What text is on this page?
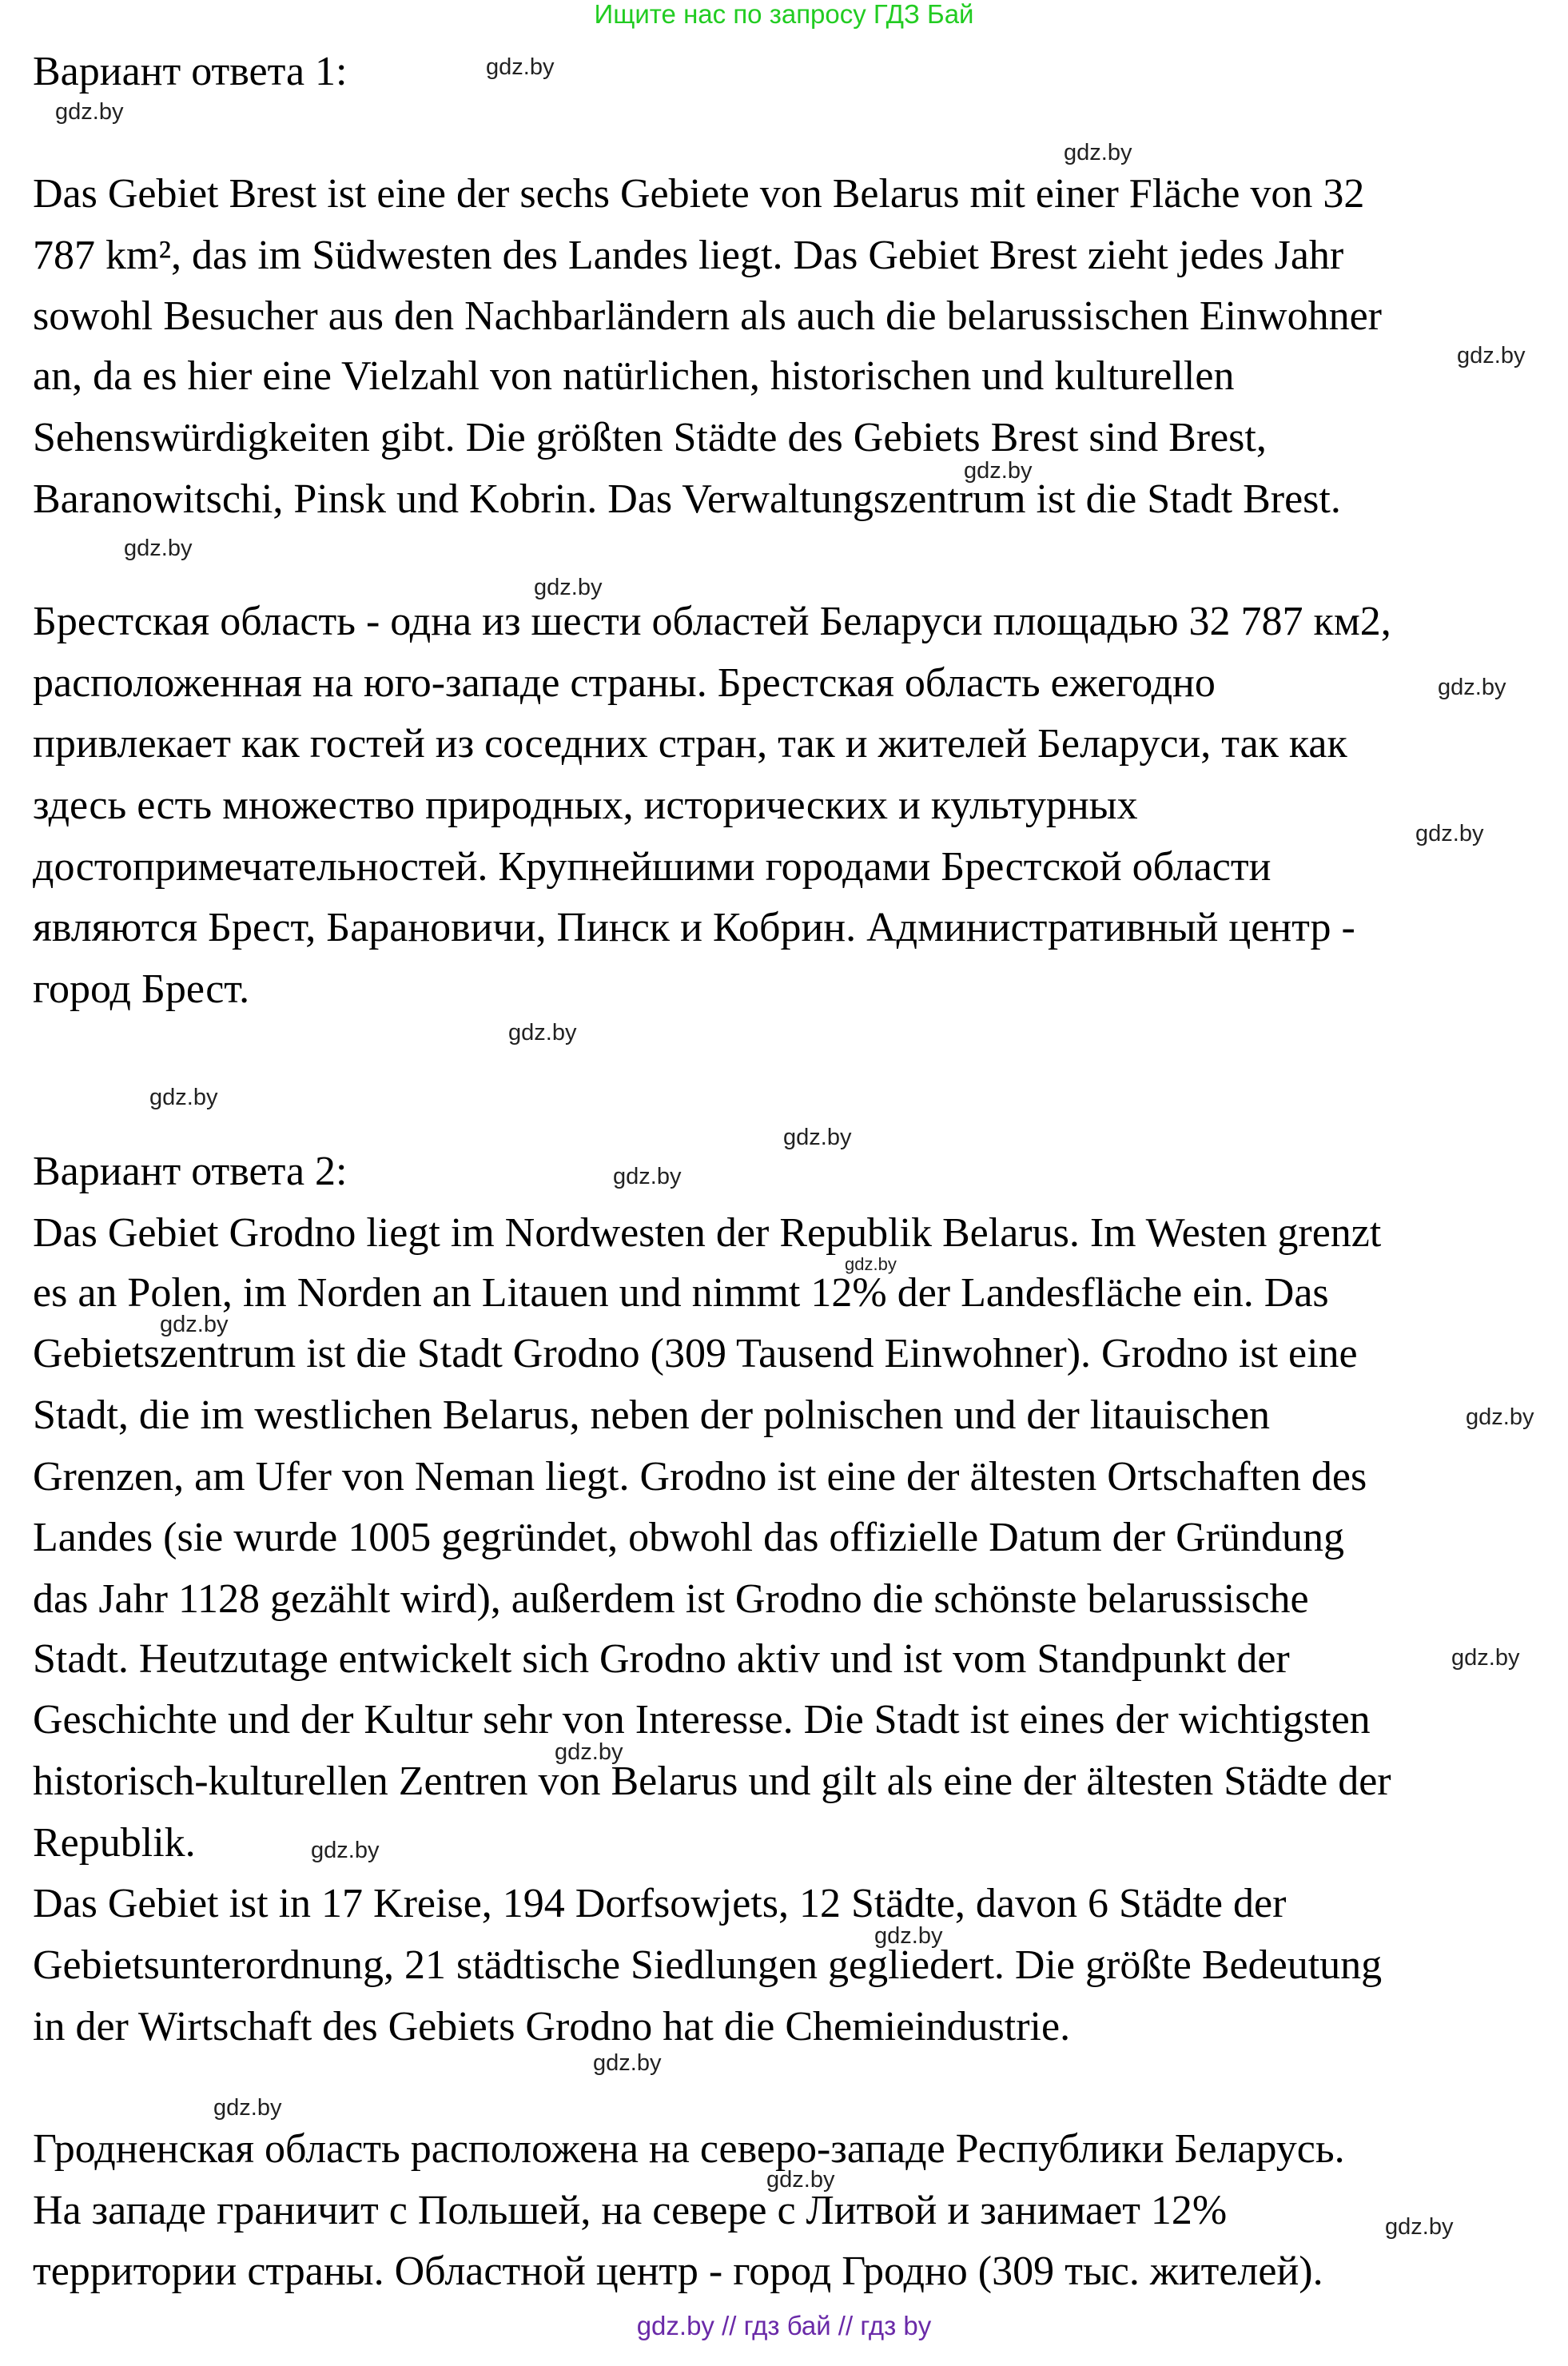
Ищите нас по запросу ГДЗ Бай
Вариант ответа 1:
Das Gebiet Brest ist eine der sechs Gebiete von Belarus mit einer Fläche von 32
787 km², das im Südwesten des Landes liegt. Das Gebiet Brest zieht jedes Jahr
sowohl Besucher aus den Nachbarländern als auch die belarussischen Einwohner
an, da es hier eine Vielzahl von natürlichen, historischen und kulturellen
Sehenswürdigkeiten gibt. Die größten Städte des Gebiets Brest sind Brest,
Baranowitschi, Pinsk und Kobrin. Das Verwaltungszentrum ist die Stadt Brest.
Брестская область - одна из шести областей Беларуси площадью 32 787 км2,
расположенная на юго-западе страны. Брестская область ежегодно
привлекает как гостей из соседних стран, так и жителей Беларуси, так как
здесь есть множество природных, исторических и культурных
достопримечательностей. Крупнейшими городами Брестской области
являются Брест, Барановичи, Пинск и Кобрин. Административный центр -
город Брест.
Вариант ответа 2:
Das Gebiet Grodno liegt im Nordwesten der Republik Belarus. Im Westen grenzt
es an Polen, im Norden an Litauen und nimmt 12% der Landesfläche ein. Das
Gebietszentrum ist die Stadt Grodno (309 Tausend Einwohner). Grodno ist eine
Stadt, die im westlichen Belarus, neben der polnischen und der litauischen
Grenzen, am Ufer von Neman liegt. Grodno ist eine der ältesten Ortschaften des
Landes (sie wurde 1005 gegründet, obwohl das offizielle Datum der Gründung
das Jahr 1128 gezählt wird), außerdem ist Grodno die schönste belarussische
Stadt. Heutzutage entwickelt sich Grodno aktiv und ist vom Standpunkt der
Geschichte und der Kultur sehr von Interesse. Die Stadt ist eines der wichtigsten
historisch-kulturellen Zentren von Belarus und gilt als eine der ältesten Städte der
Republik.
Das Gebiet ist in 17 Kreise, 194 Dorfsowjets, 12 Städte, davon 6 Städte der
Gebietsunterordnung, 21 städtische Siedlungen gegliedert. Die größte Bedeutung
in der Wirtschaft des Gebiets Grodno hat die Chemieindustrie.
Гродненская область расположена на северо-западе Республики Беларусь.
На западе граничит с Польшей, на севере с Литвой и занимает 12%
территории страны. Областной центр - город Гродно (309 тыс. жителей).
gdz.by
gdz.by
gdz.by
gdz.by
gdz.by
gdz.by
gdz.by
gdz.by
gdz.by
gdz.by
gdz.by
gdz.by
gdz.by
gdz.by
gdz.by
gdz.by
gdz.by
gdz.by
gdz.by
gdz.by
gdz.by
gdz.by
gdz.by
gdz.by
gdz.by // гдз бай // гдз by
